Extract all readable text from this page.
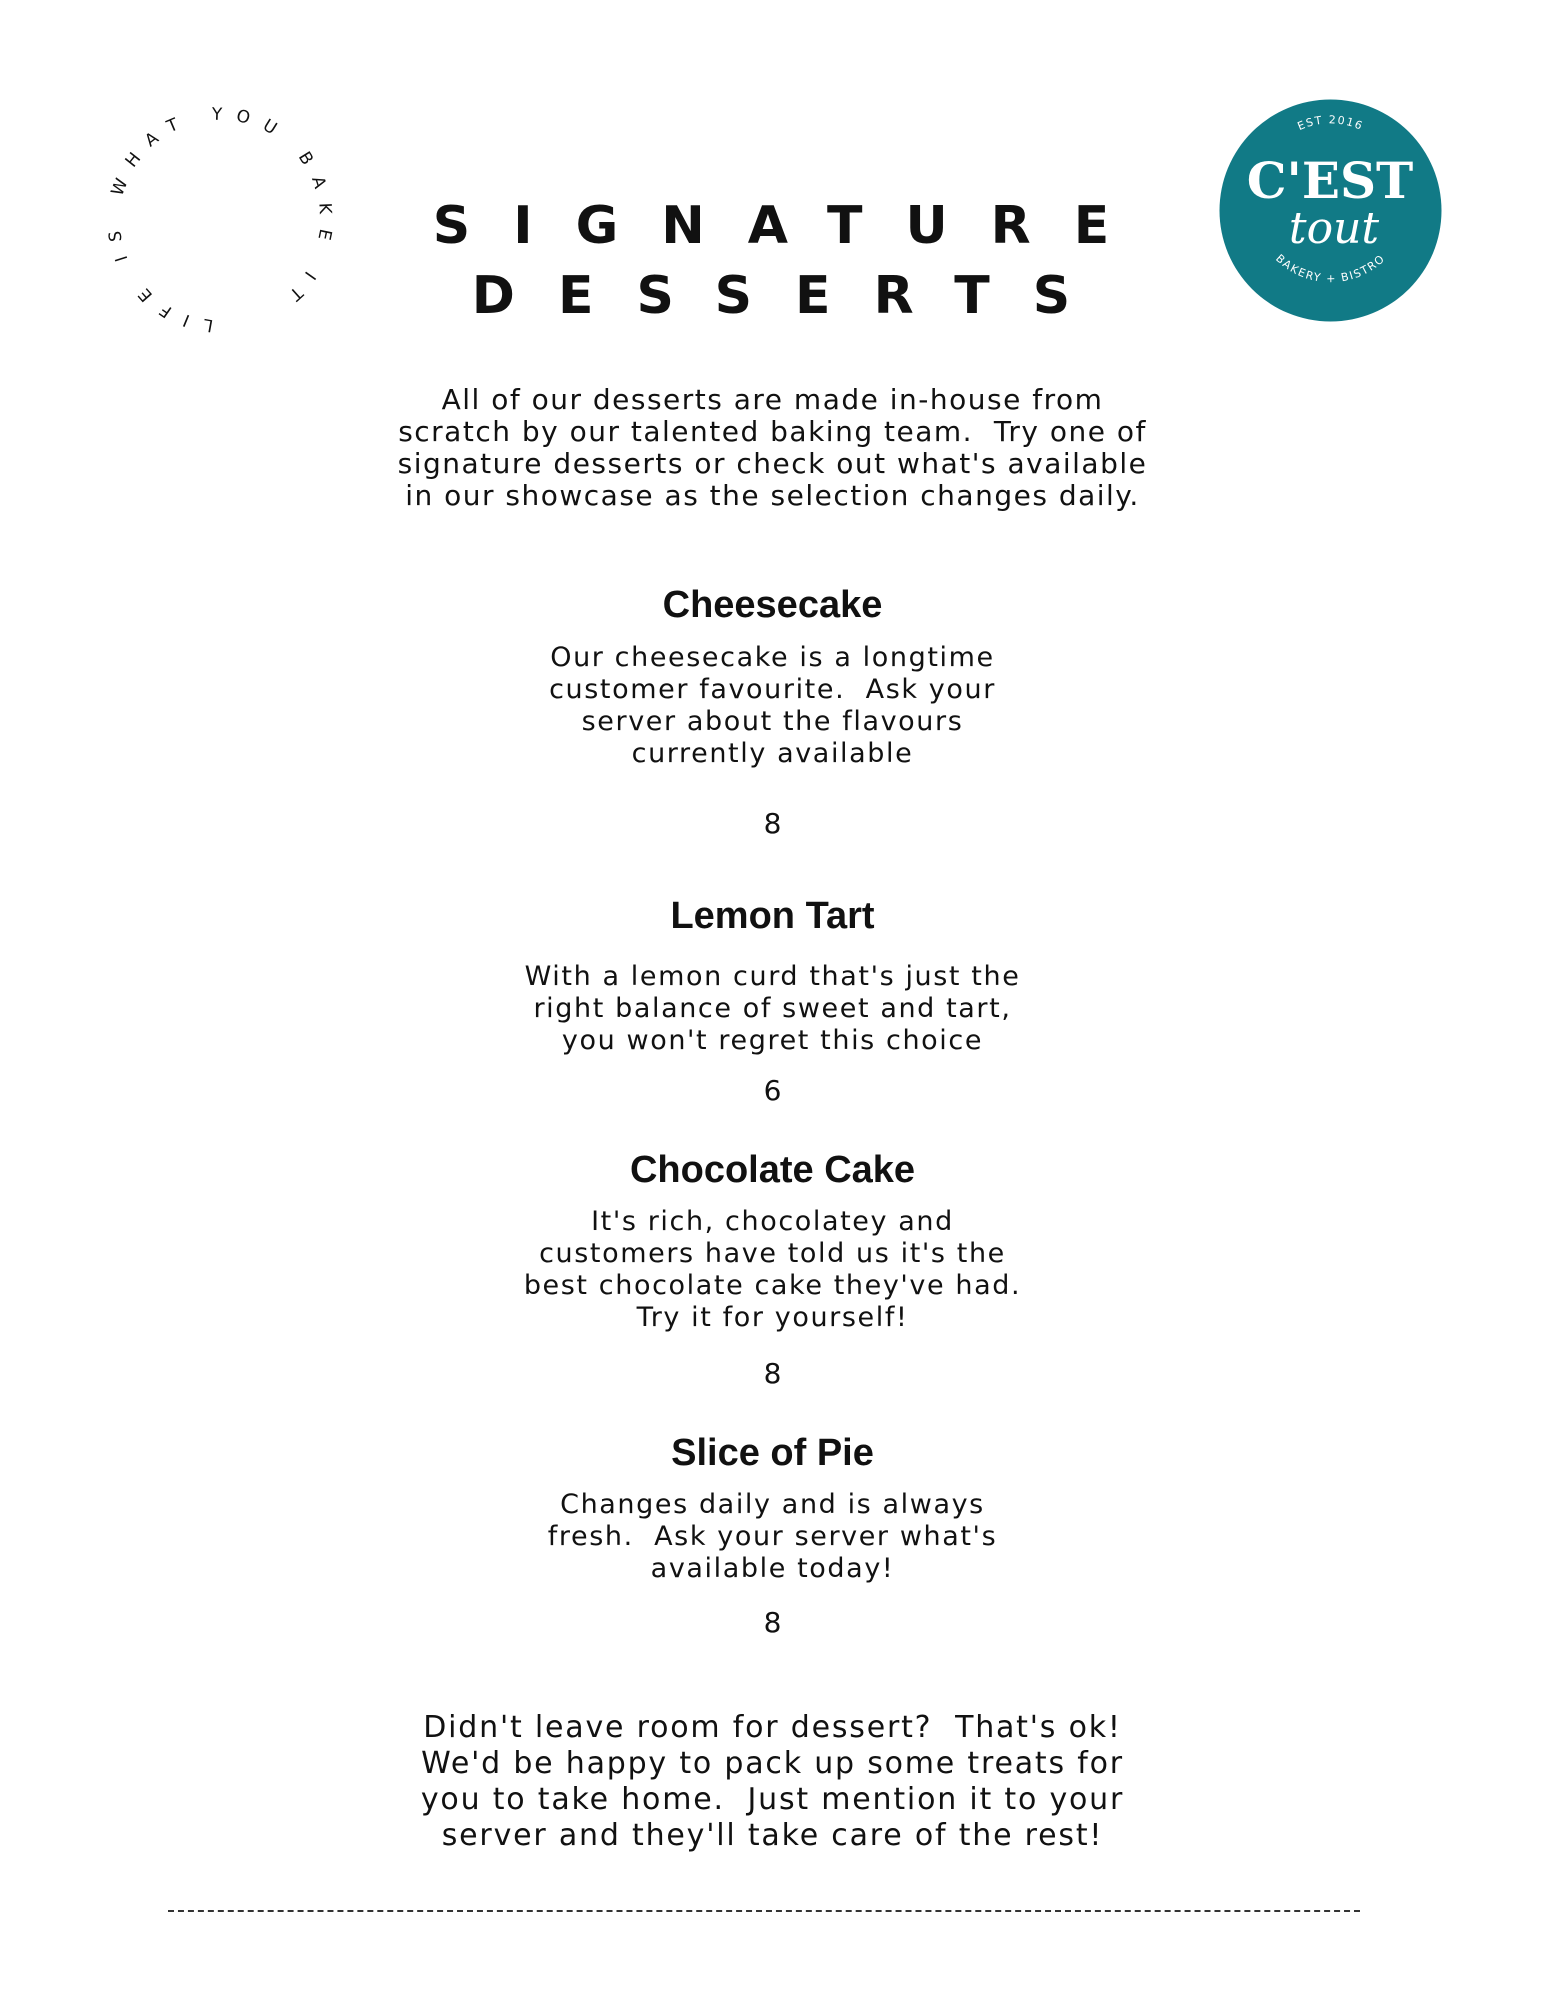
LIFE IS WHAT YOU BAKE IT
EST 2016
C'EST
tout
BAKERY + BISTRO
SIGNATURE
DESSERTS
All of our desserts are made in-house from
scratch by our talented baking team.  Try one of
signature desserts or check out what's available
in our showcase as the selection changes daily.
Cheesecake
Our cheesecake is a longtime
customer favourite.  Ask your
server about the flavours
currently available
8
Lemon Tart
With a lemon curd that's just the
right balance of sweet and tart,
you won't regret this choice
6
Chocolate Cake
It's rich, chocolatey and
customers have told us it's the
best chocolate cake they've had.
Try it for yourself!
8
Slice of Pie
Changes daily and is always
fresh.  Ask your server what's
available today!
8
Didn't leave room for dessert?  That's ok!
We'd be happy to pack up some treats for
you to take home.  Just mention it to your
server and they'll take care of the rest!
